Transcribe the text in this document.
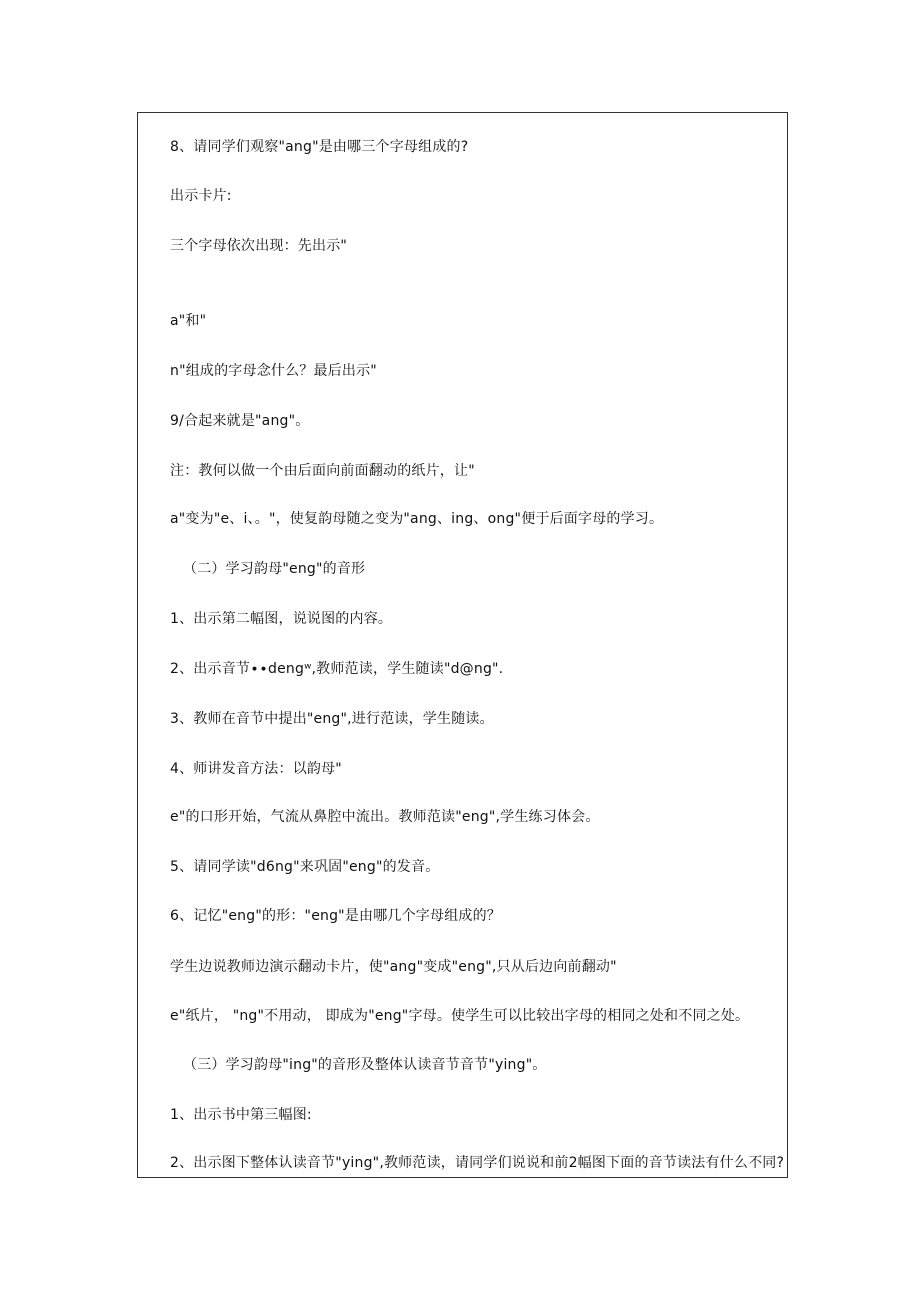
8、请同学们观察"ang"是由哪三个字母组成的?
出示卡片:
三个字母依次出现：先出示"
a"和"
n"组成的字母念什么？最后出示"
9/合起来就是"ang"。
注：教何以做一个由后面向前面翻动的纸片，让"
a"变为"e、i、。"，使复韵母随之变为"ang、ing、ong"便于后面字母的学习。
（二）学习韵母"eng"的音形
1、出示第二幅图，说说图的内容。
2、出示音节∙∙dengʷ,教师范读，学生随读"d@ng".
3、教师在音节中提出"eng",进行范读，学生随读。
4、师讲发音方法：以韵母"
e"的口形开始，气流从鼻腔中流出。教师范读"eng",学生练习体会。
5、请同学读"d6ng"来巩固"eng"的发音。
6、记忆"eng"的形："eng"是由哪几个字母组成的？
学生边说教师边演示翻动卡片，使"ang"变成"eng",只从后边向前翻动"
e"纸片， "ng"不用动， 即成为"eng"字母。使学生可以比较出字母的相同之处和不同之处。
（三）学习韵母"ing"的音形及整体认读音节音节"ying"。
1、出示书中第三幅图:
2、出示图下整体认读音节"ying",教师范读，请同学们说说和前2幅图下面的音节读法有什么不同?
